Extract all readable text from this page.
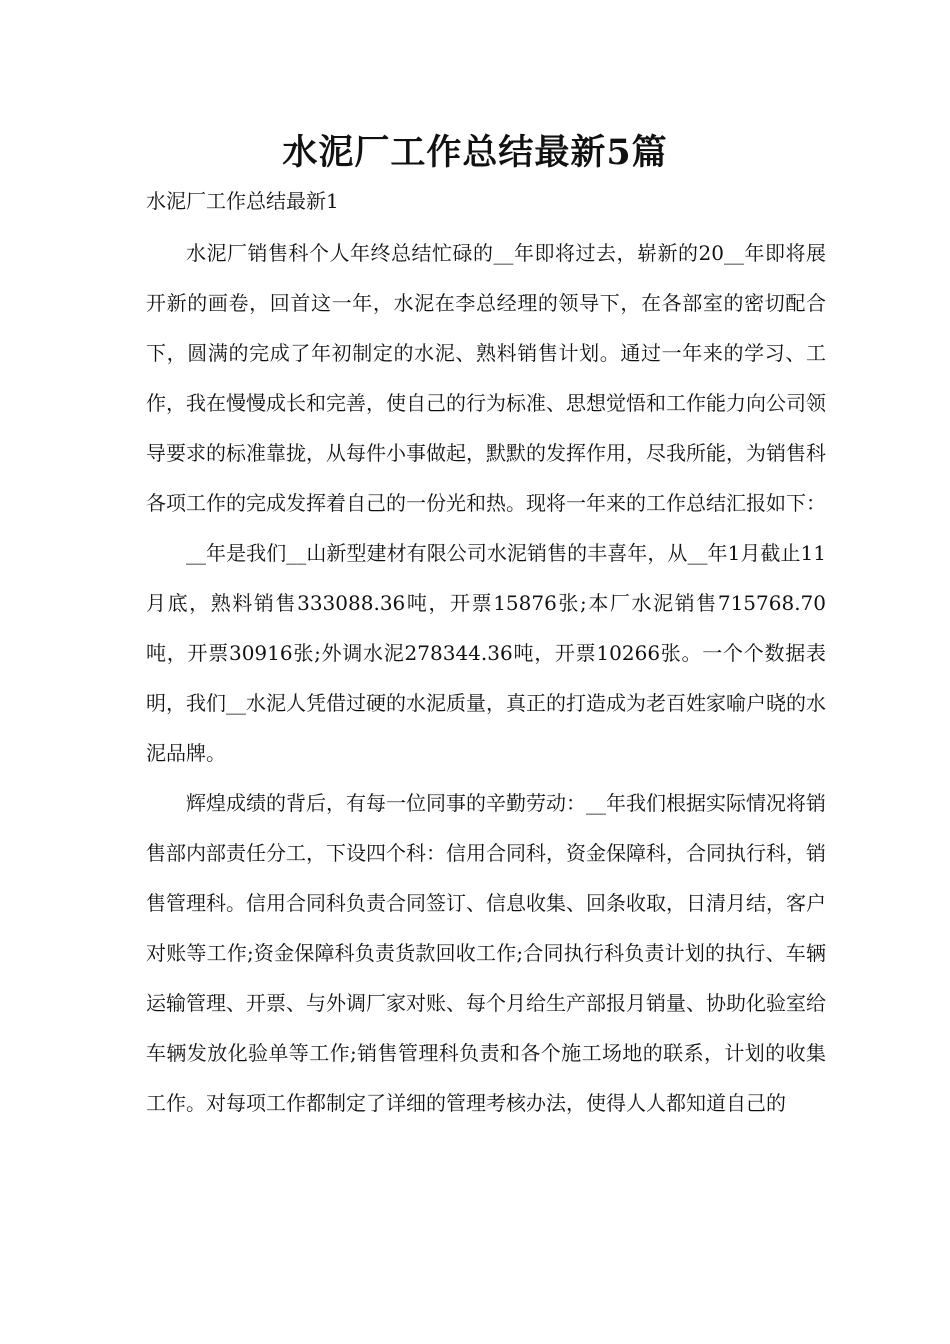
水泥厂工作总结最新5篇

水泥厂工作总结最新1

水泥厂销售科个人年终总结忙碌的__年即将过去，崭新的20__年即将展开新的画卷，回首这一年，水泥在李总经理的领导下，在各部室的密切配合下，圆满的完成了年初制定的水泥、熟料销售计划。通过一年来的学习、工作，我在慢慢成长和完善，使自己的行为标准、思想觉悟和工作能力向公司领导要求的标准靠拢，从每件小事做起，默默的发挥作用，尽我所能，为销售科各项工作的完成发挥着自己的一份光和热。现将一年来的工作总结汇报如下：

__年是我们__山新型建材有限公司水泥销售的丰喜年，从__年1月截止11月底，熟料销售333088.36吨，开票15876张;本厂水泥销售715768.70吨，开票30916张;外调水泥278344.36吨，开票10266张。一个个数据表明，我们__水泥人凭借过硬的水泥质量，真正的打造成为老百姓家喻户晓的水泥品牌。

辉煌成绩的背后，有每一位同事的辛勤劳动：__年我们根据实际情况将销售部内部责任分工，下设四个科：信用合同科，资金保障科，合同执行科，销售管理科。信用合同科负责合同签订、信息收集、回条收取，日清月结，客户对账等工作;资金保障科负责货款回收工作;合同执行科负责计划的执行、车辆运输管理、开票、与外调厂家对账、每个月给生产部报月销量、协助化验室给车辆发放化验单等工作;销售管理科负责和各个施工场地的联系，计划的收集工作。对每项工作都制定了详细的管理考核办法，使得人人都知道自己的
